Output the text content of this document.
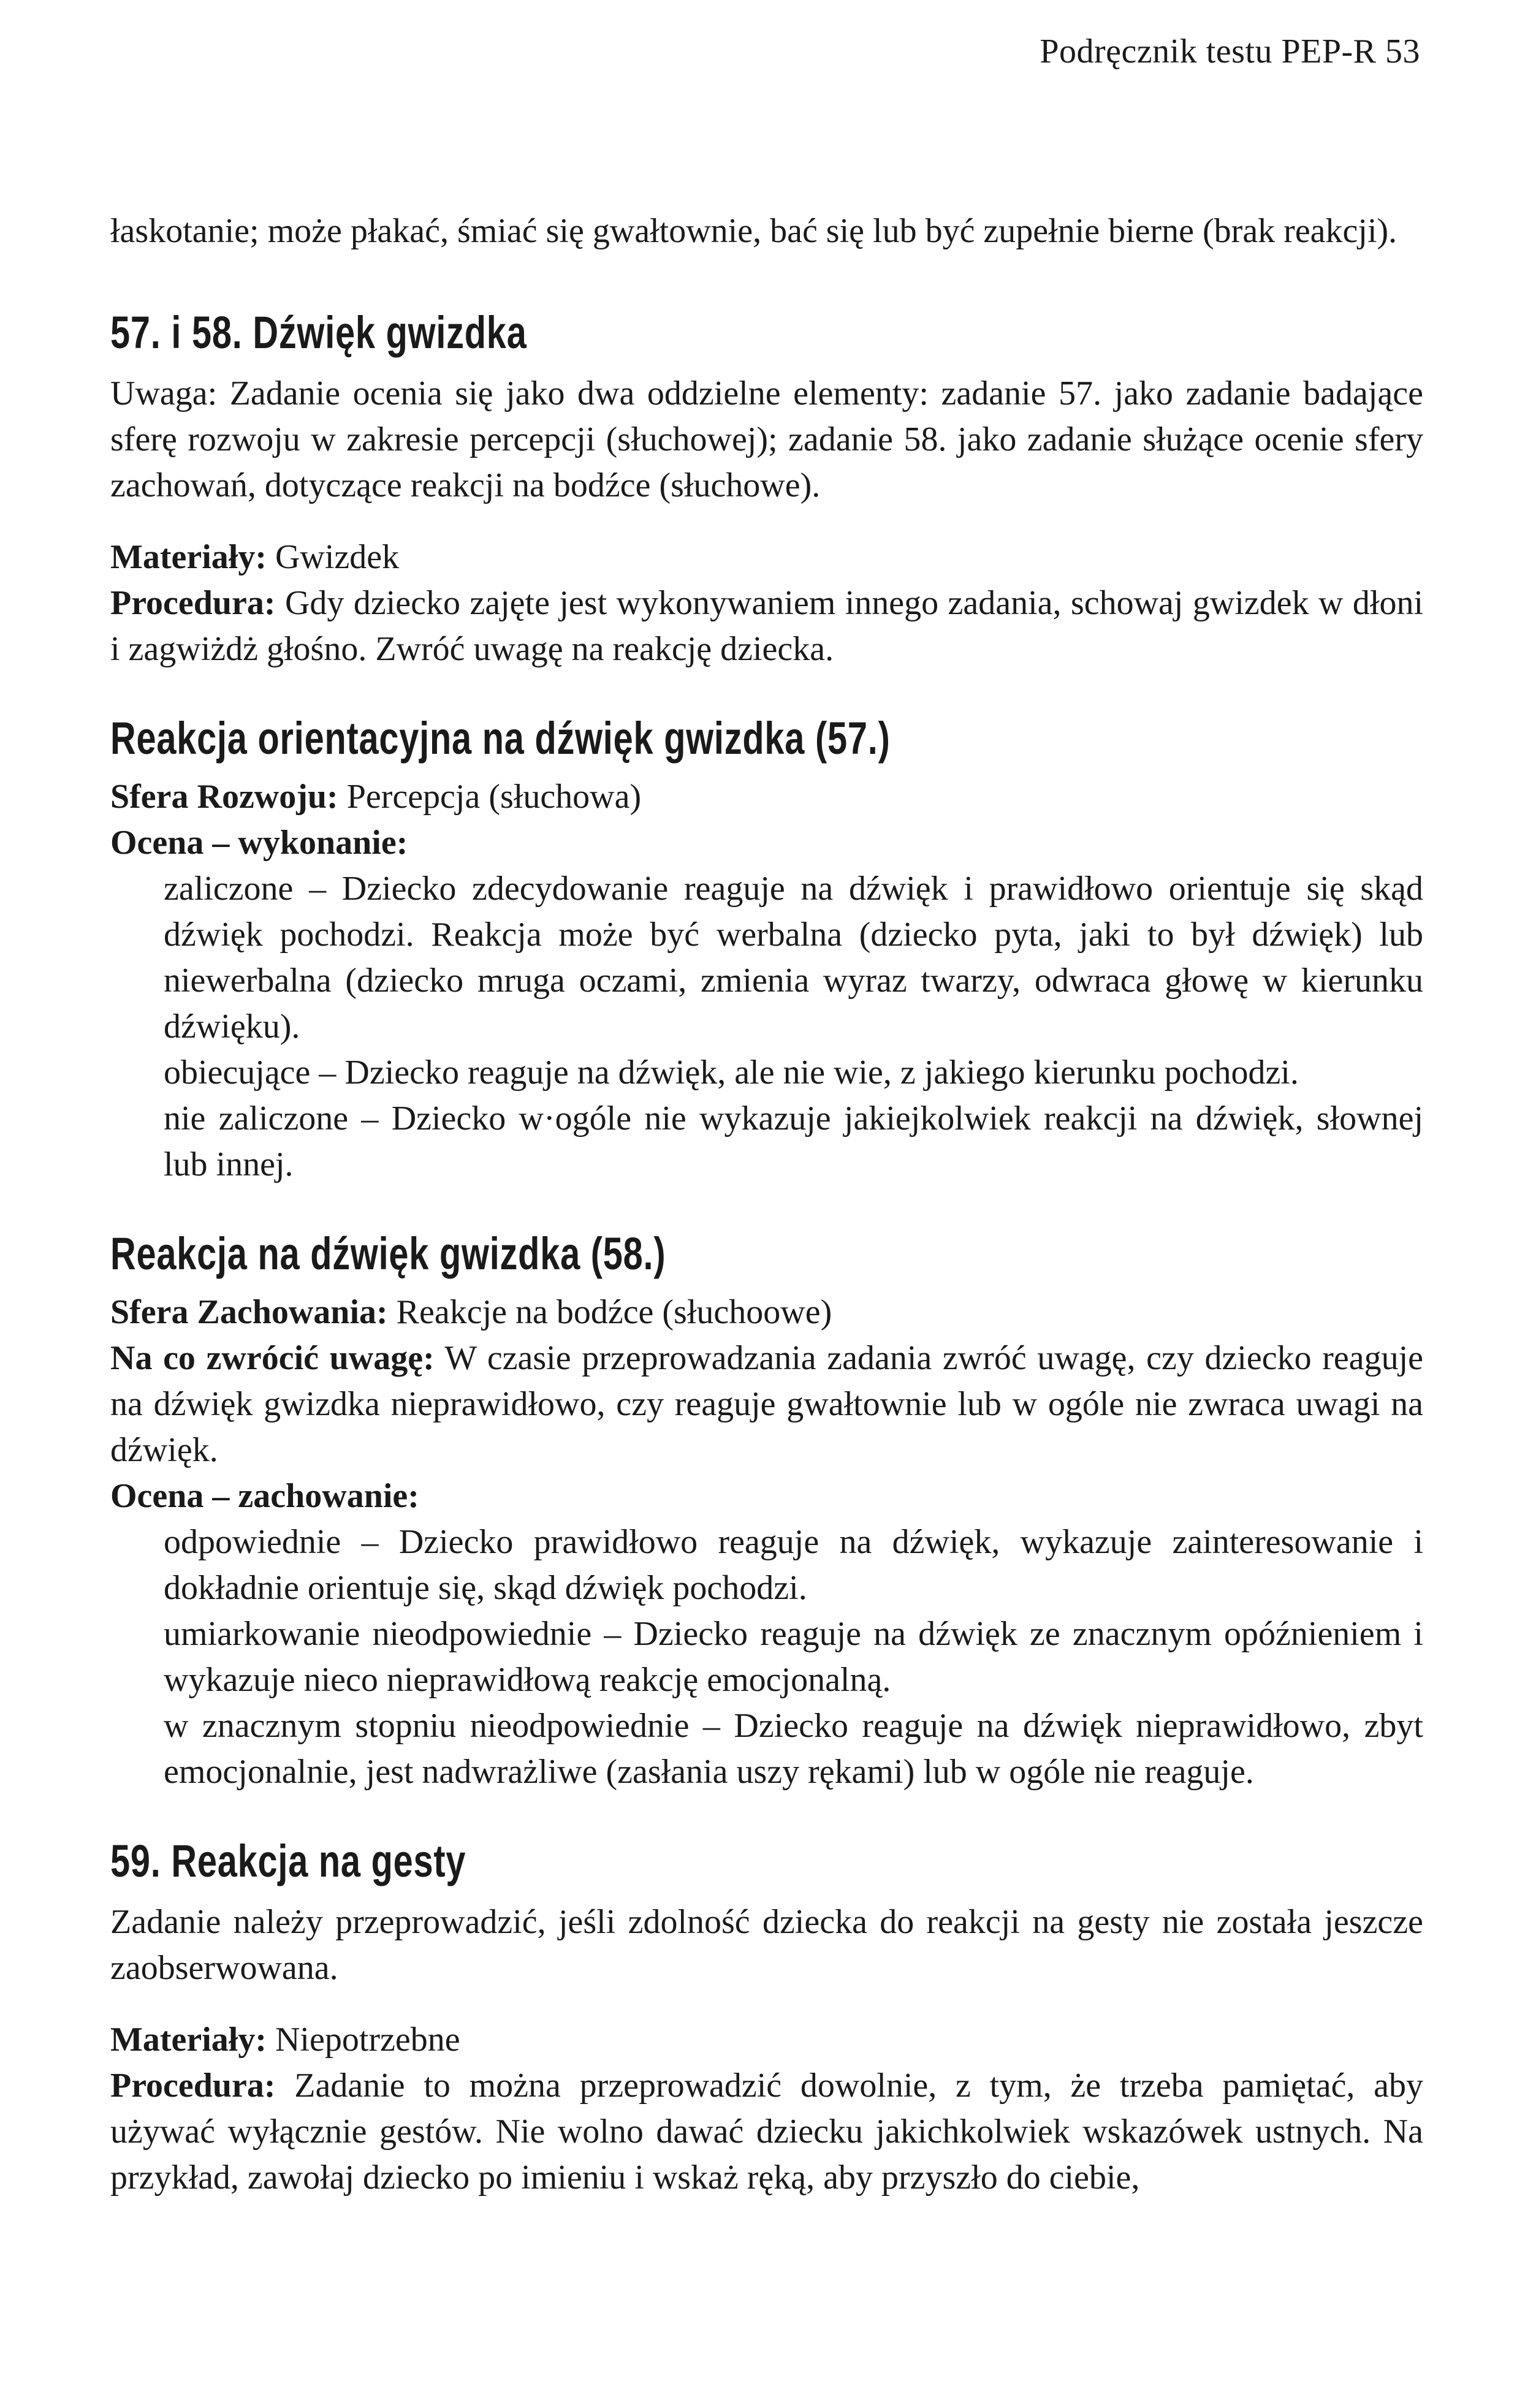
Podręcznik testu PEP-R 53

łaskotanie; może płakać, śmiać się gwałtownie, bać się lub być zupełnie bierne (brak reakcji).

57. i 58. Dźwięk gwizdka

Uwaga: Zadanie ocenia się jako dwa oddzielne elementy: zadanie 57. jako zadanie badające sferę rozwoju w zakresie percepcji (słuchowej); zadanie 58. jako zadanie służące ocenie sfery zachowań, dotyczące reakcji na bodźce (słuchowe).

Materiały: Gwizdek

Procedura: Gdy dziecko zajęte jest wykonywaniem innego zadania, schowaj gwizdek w dłoni i zagwiżdż głośno. Zwróć uwagę na reakcję dziecka.

Reakcja orientacyjna na dźwięk gwizdka (57.)

Sfera Rozwoju: Percepcja (słuchowa)

Ocena – wykonanie:

zaliczone – Dziecko zdecydowanie reaguje na dźwięk i prawidłowo orientuje się skąd dźwięk pochodzi. Reakcja może być werbalna (dziecko pyta, jaki to był dźwięk) lub niewerbalna (dziecko mruga oczami, zmienia wyraz twarzy, odwraca głowę w kierunku dźwięku).

obiecujące – Dziecko reaguje na dźwięk, ale nie wie, z jakiego kierunku pochodzi.

nie zaliczone – Dziecko w·ogóle nie wykazuje jakiejkolwiek reakcji na dźwięk, słownej lub innej.

Reakcja na dźwięk gwizdka (58.)

Sfera Zachowania: Reakcje na bodźce (słuchoowe)

Na co zwrócić uwagę: W czasie przeprowadzania zadania zwróć uwagę, czy dziecko reaguje na dźwięk gwizdka nieprawidłowo, czy reaguje gwałtownie lub w ogóle nie zwraca uwagi na dźwięk.

Ocena – zachowanie:

odpowiednie – Dziecko prawidłowo reaguje na dźwięk, wykazuje zainteresowanie i dokładnie orientuje się, skąd dźwięk pochodzi.

umiarkowanie nieodpowiednie – Dziecko reaguje na dźwięk ze znacznym opóźnieniem i wykazuje nieco nieprawidłową reakcję emocjonalną.

w znacznym stopniu nieodpowiednie – Dziecko reaguje na dźwięk nieprawidłowo, zbyt emocjonalnie, jest nadwrażliwe (zasłania uszy rękami) lub w ogóle nie reaguje.

59. Reakcja na gesty

Zadanie należy przeprowadzić, jeśli zdolność dziecka do reakcji na gesty nie została jeszcze zaobserwowana.

Materiały: Niepotrzebne

Procedura: Zadanie to można przeprowadzić dowolnie, z tym, że trzeba pamiętać, aby używać wyłącznie gestów. Nie wolno dawać dziecku jakichkolwiek wskazówek ustnych. Na przykład, zawołaj dziecko po imieniu i wskaż ręką, aby przyszło do ciebie,
